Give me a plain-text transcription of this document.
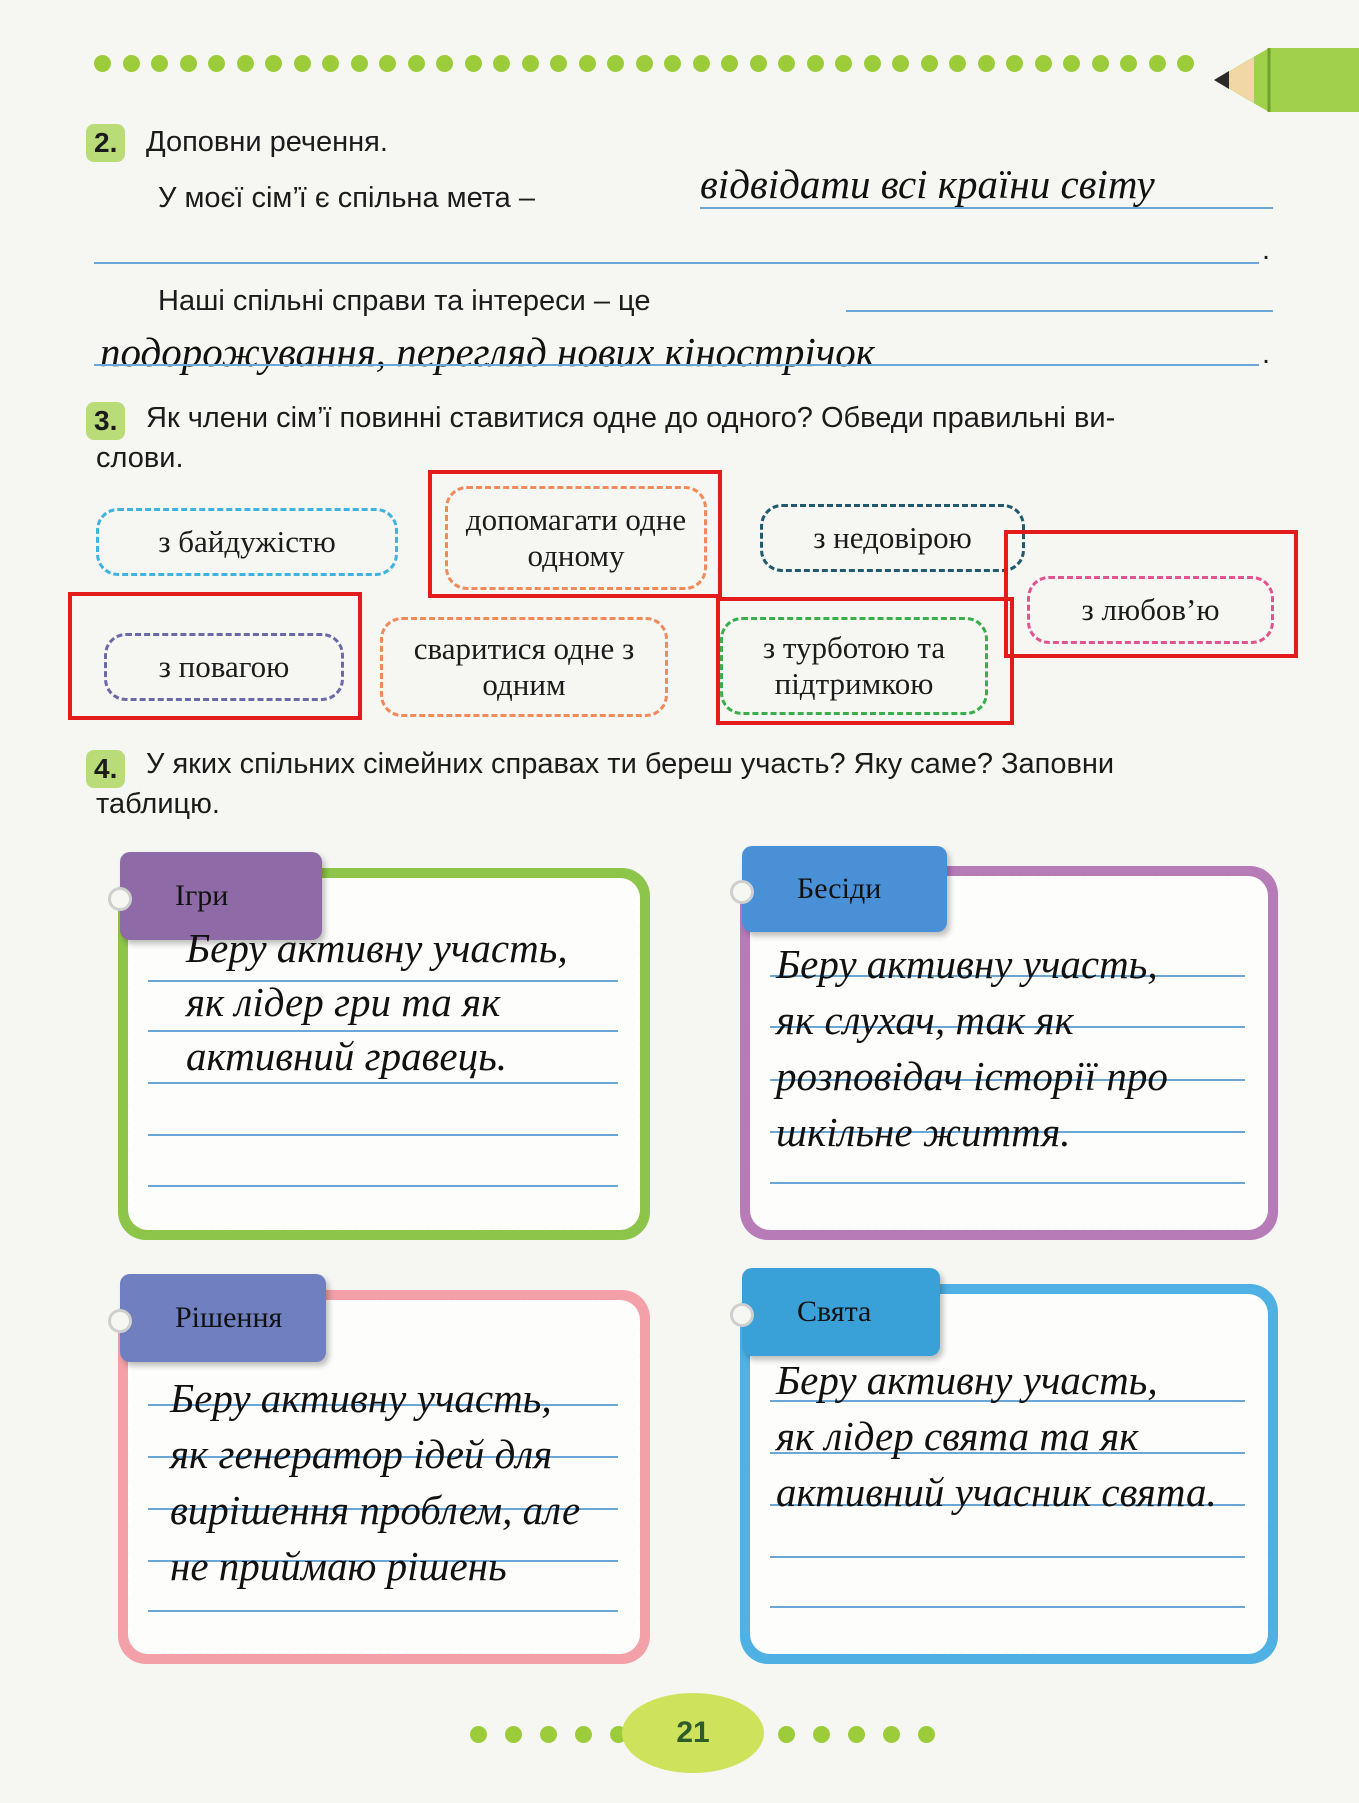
2. Доповни речення.
У моєї сім’ї є спільна мета –	відвідати всі країни світу
.
Наші спільні справи та інтереси – це
подорожування, перегляд нових кінострічок	.
3. Як члени сім’ї повинні ставитися одне до одного? Обведи правильні ви-
слови.
з байдужістю
допомагати одне одному
з недовірою
з любов’ю
з повагою
сваритися одне з одним
з турботою та підтримкою
4. У яких спільних сімейних справах ти береш участь? Яку саме? Заповни
таблицю.
Ігри
Беру активну участь,
як лідер гри та як
активний гравець.
Бесіди
Беру активну участь,
як слухач, так як
розповідач історії про
шкільне життя.
Рішення
Беру активну участь,
як генератор ідей для
вирішення проблем, але
не приймаю рішень
Свята
Беру активну участь,
як лідер свята та як
активний учасник свята.
21
